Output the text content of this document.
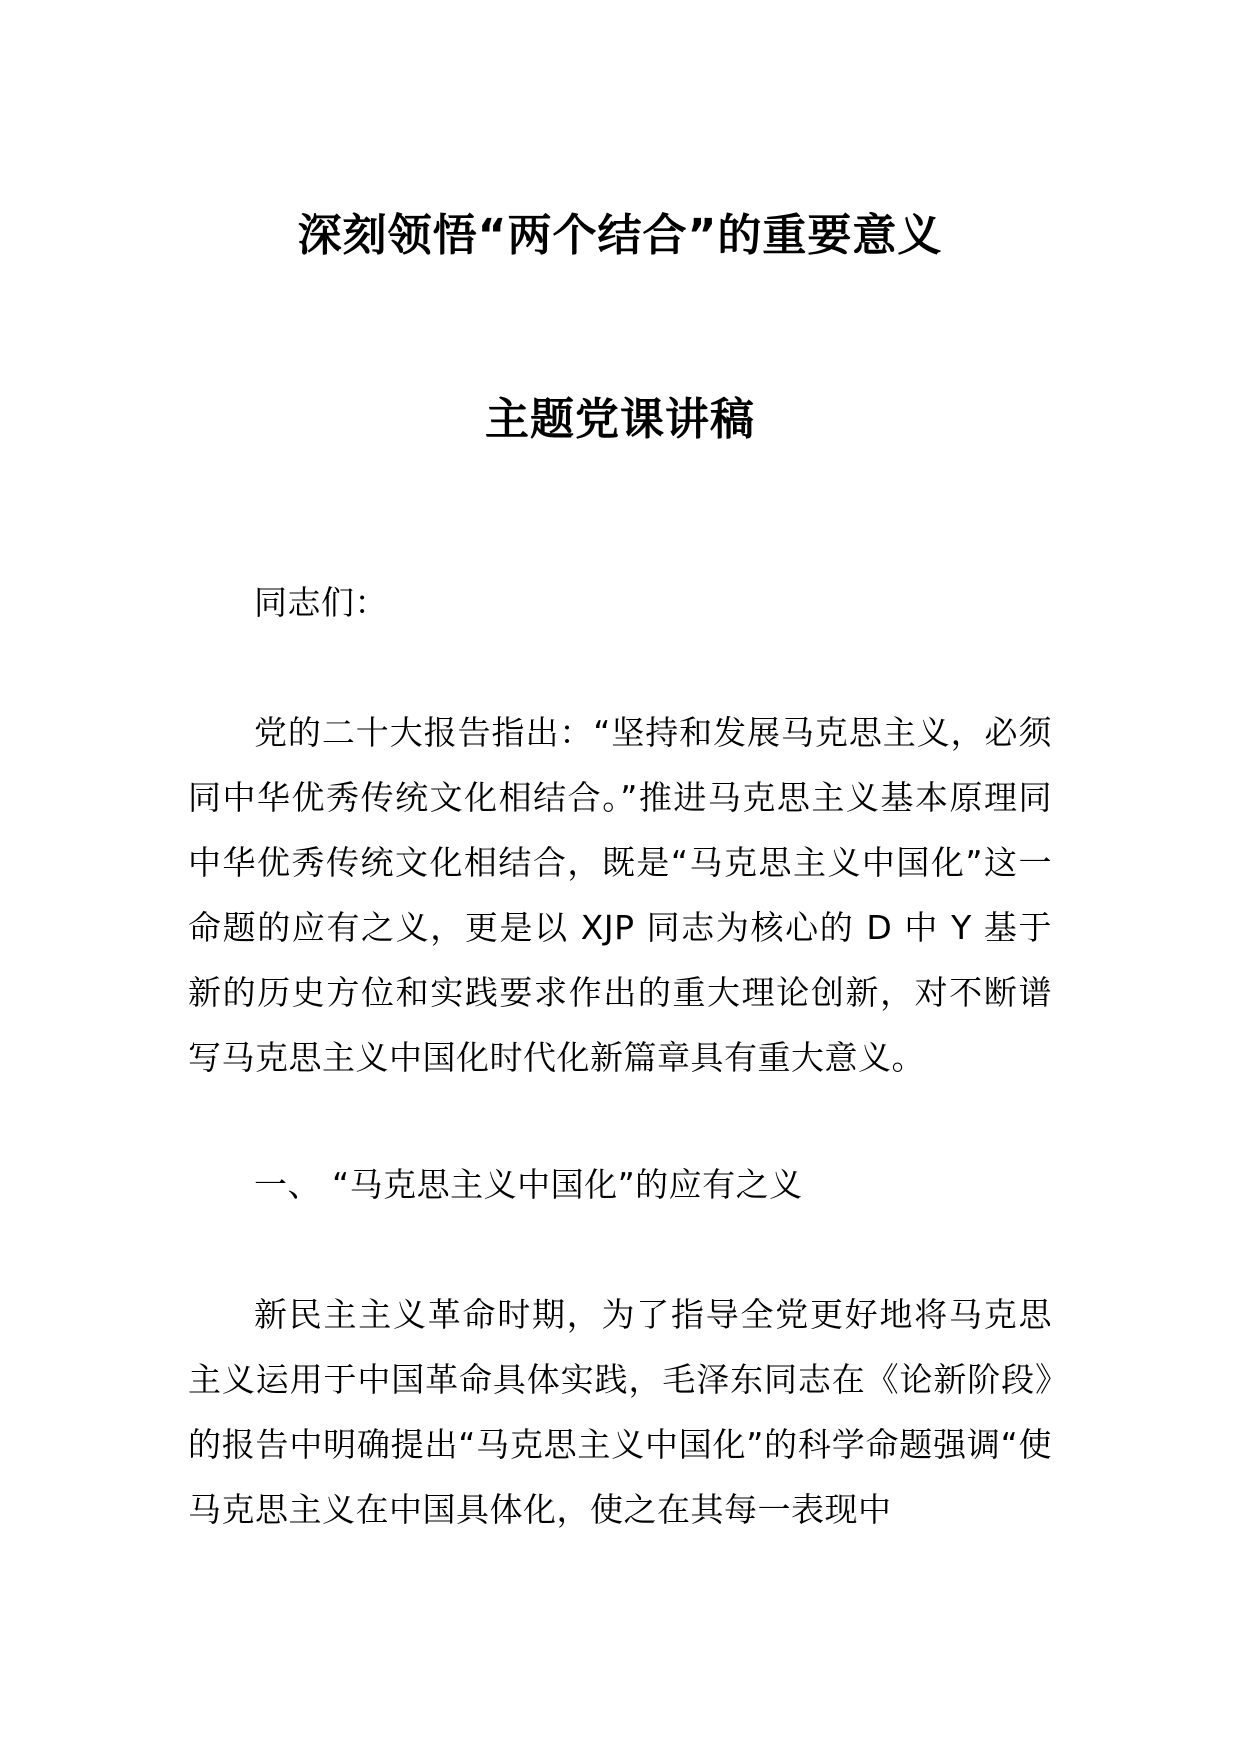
深刻领悟“两个结合”的重要意义
主题党课讲稿

同志们：

党的二十大报告指出：“坚持和发展马克思主义，必须同中华优秀传统文化相结合。”推进马克思主义基本原理同中华优秀传统文化相结合，既是“马克思主义中国化”这一命题的应有之义，更是以 XJP 同志为核心的 D 中 Y 基于新的历史方位和实践要求作出的重大理论创新，对不断谱写马克思主义中国化时代化新篇章具有重大意义。

一、 “马克思主义中国化”的应有之义

新民主主义革命时期，为了指导全党更好地将马克思主义运用于中国革命具体实践，毛泽东同志在《论新阶段》的报告中明确提出“马克思主义中国化”的科学命题强调“使马克思主义在中国具体化，使之在其每一表现中
